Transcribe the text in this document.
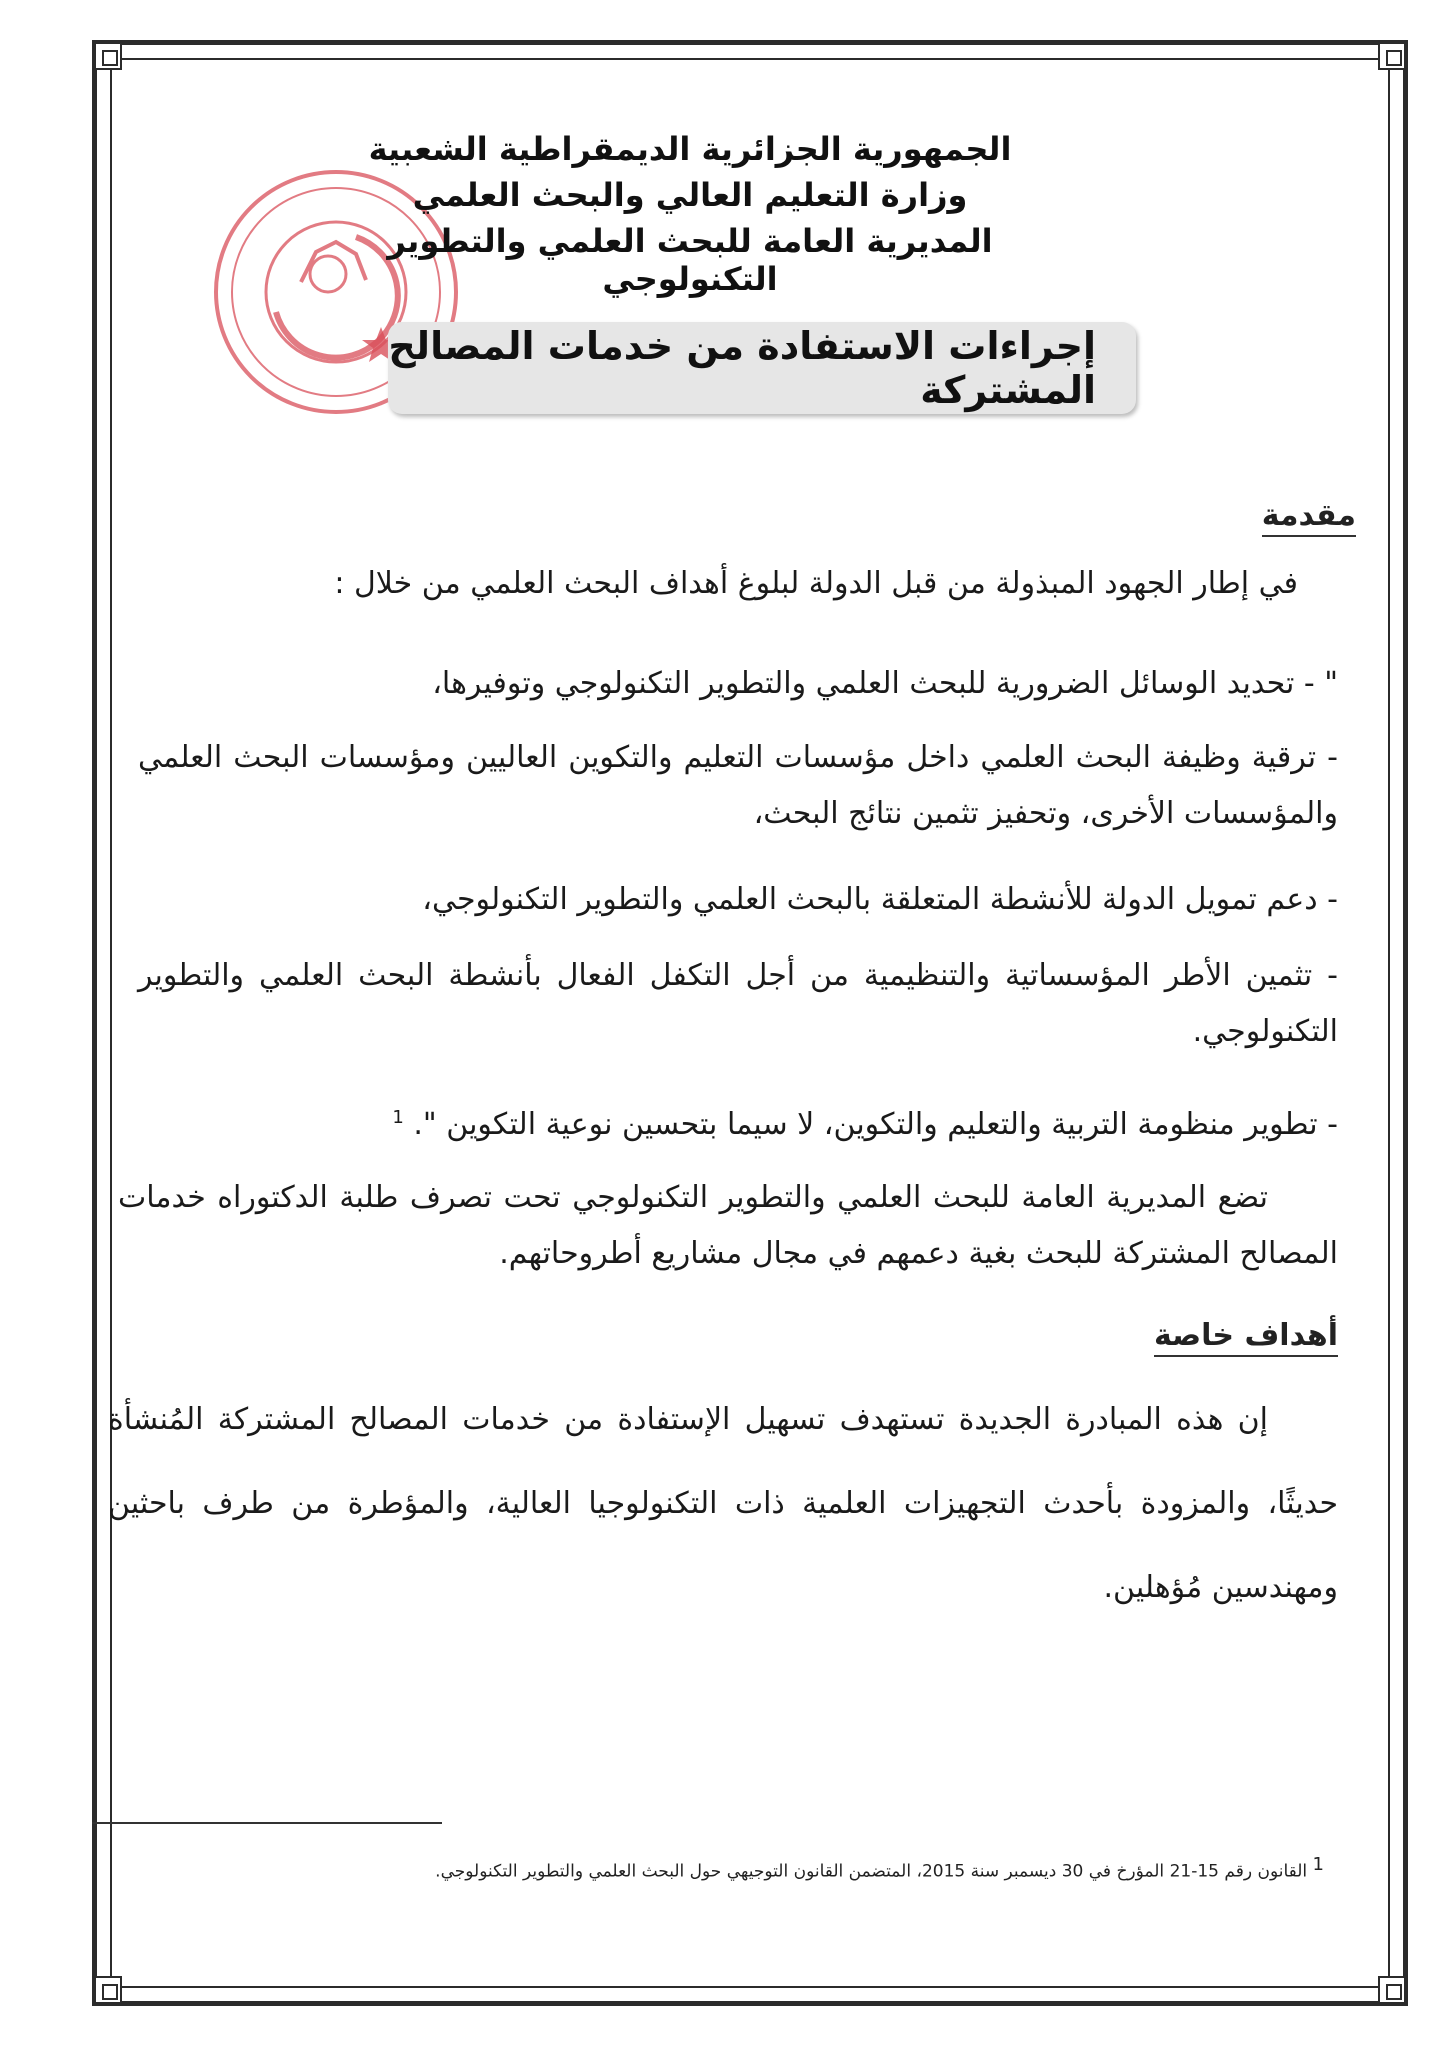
الجمهورية الجزائرية الديمقراطية الشعبية
وزارة التعليم العالي والبحث العلمي
المديرية العامة للبحث العلمي والتطوير التكنولوجي
إجراءات الاستفادة من خدمات المصالح المشتركة
مقدمة
في إطار الجهود المبذولة من قبل الدولة لبلوغ أهداف البحث العلمي من خلال :
" - تحديد الوسائل الضرورية للبحث العلمي والتطوير التكنولوجي وتوفيرها،
- ترقية وظيفة البحث العلمي داخل مؤسسات التعليم والتكوين العاليين ومؤسسات البحث العلمي والمؤسسات الأخرى، وتحفيز تثمين نتائج البحث،
- دعم تمويل الدولة للأنشطة المتعلقة بالبحث العلمي والتطوير التكنولوجي،
- تثمين الأطر المؤسساتية والتنظيمية من أجل التكفل الفعال بأنشطة البحث العلمي والتطوير التكنولوجي.
- تطوير منظومة التربية والتعليم والتكوين، لا سيما بتحسين نوعية التكوين ". $^1$
تضع المديرية العامة للبحث العلمي والتطوير التكنولوجي تحت تصرف طلبة الدكتوراه خدمات المصالح المشتركة للبحث بغية دعمهم في مجال مشاريع أطروحاتهم.
أهداف خاصة
إن هذه المبادرة الجديدة تستهدف تسهيل الإستفادة من خدمات المصالح المشتركة المُنشأة حديثًا، والمزودة بأحدث التجهيزات العلمية ذات التكنولوجيا العالية، والمؤطرة من طرف باحثين ومهندسين مُؤهلين.
1 القانون رقم 15-21 المؤرخ في 30 ديسمبر سنة 2015، المتضمن القانون التوجيهي حول البحث العلمي والتطوير التكنولوجي.
